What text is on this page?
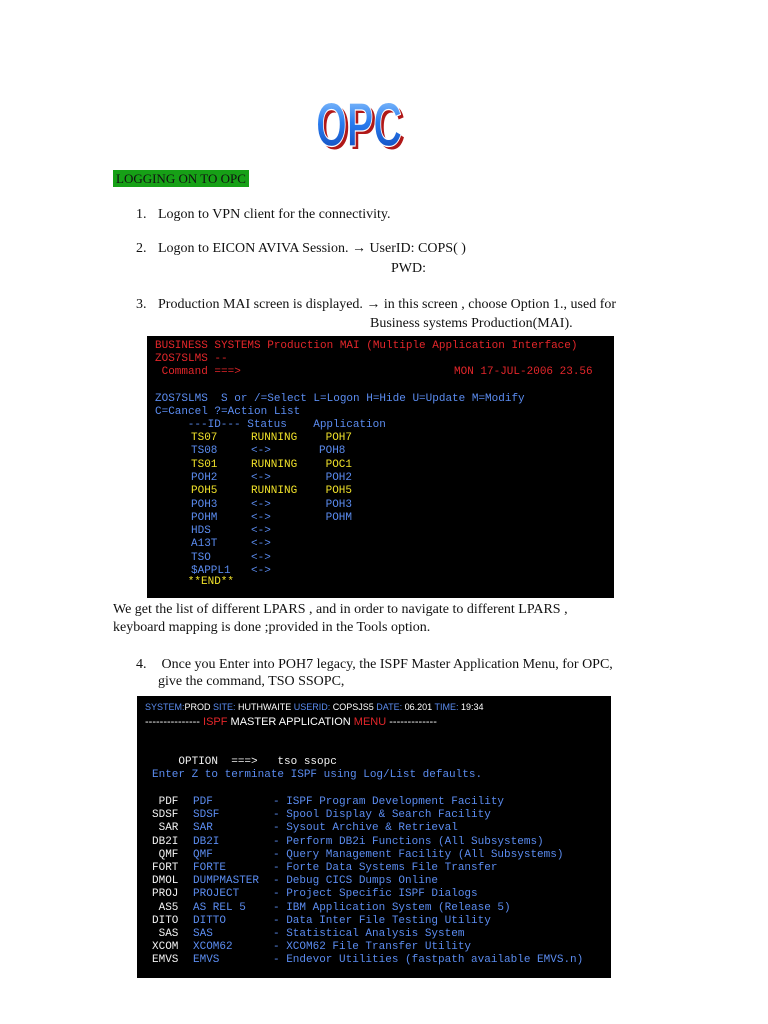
OPC
OPC
LOGGING ON TO OPC
1. Logon to VPN client for the connectivity.
2. Logon to EICON AVIVA Session. → UserID: COPS( )
PWD:
3. Production MAI screen is displayed. → in this screen , choose Option 1., used for
Business systems Production(MAI).
BUSINESS SYSTEMS Production MAI (Multiple Application Interface)
ZOS7SLMS --
Command ===>	MON 17-JUL-2006 23.56
ZOS7SLMS  S or /=Select L=Logon H=Hide U=Update M=Modify
C=Cancel ?=Action List
---ID--- Status    Application
TS07	RUNNING POH7
TS08	<->	POH8
TS01	RUNNING POC1
POH2	<->	POH2
POH5	RUNNING POH5
POH3	<->	POH3
POHM	<->	POHM
HDS	<->
A13T	<->
TSO	<->
$APPL1 <->
**END**
We get the list of different LPARS , and in order to navigate to different LPARS ,
keyboard mapping is done ;provided in the Tools option.
4. Once you Enter into POH7 legacy, the ISPF Master Application Menu, for OPC,
give the command, TSO SSOPC,
SYSTEM:PROD SITE: HUTHWAITE USERID: COPSJS5 DATE: 06.201 TIME: 19:34
--------------- ISPF MASTER APPLICATION MENU -------------

OPTION  ===>   tso ssopc

Enter Z to terminate ISPF using Log/List defaults.
PDF PDF	- ISPF Program Development Facility
SDSF SDSF	- Spool Display & Search Facility
SAR SAR	- Sysout Archive & Retrieval
DB2I DB2I	- Perform DB2i Functions (All Subsystems)
QMF QMF	- Query Management Facility (All Subsystems)
FORT FORTE	- Forte Data Systems File Transfer
DMOL DUMPMASTER - Debug CICS Dumps Online
PROJ PROJECT	- Project Specific ISPF Dialogs
AS5 AS REL 5 - IBM Application System (Release 5)
DITO DITTO	- Data Inter File Testing Utility
SAS SAS	- Statistical Analysis System
XCOM XCOM62	- XCOM62 File Transfer Utility
EMVS EMVS	- Endevor Utilities (fastpath available EMVS.n)
